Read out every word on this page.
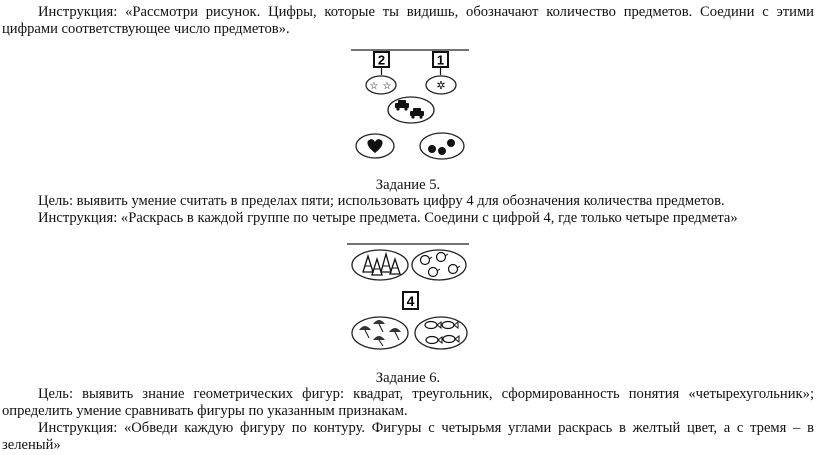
Инструкция: «Рассмотри рисунок. Цифры, которые ты видишь, обозначают количество предметов. Соедини с этими

цифрами соответствующее число предметов».

2	1
☆ ☆	✲

Задание 5.

Цель: выявить умение считать в пределах пяти; использовать цифру 4 для обозначения количества предметов.

Инструкция: «Раскрась в каждой группе по четыре предмета. Соедини с цифрой 4, где только четыре предмета»

4

Задание 6.

Цель: выявить знание геометрических фигур: квадрат, треугольник, сформированность понятия «четырехугольник»;

определить умение сравнивать фигуры по указанным признакам.

Инструкция: «Обведи каждую фигуру по контуру. Фигуры с четырьмя углами раскрась в желтый цвет, а с тремя – в

зеленый»
